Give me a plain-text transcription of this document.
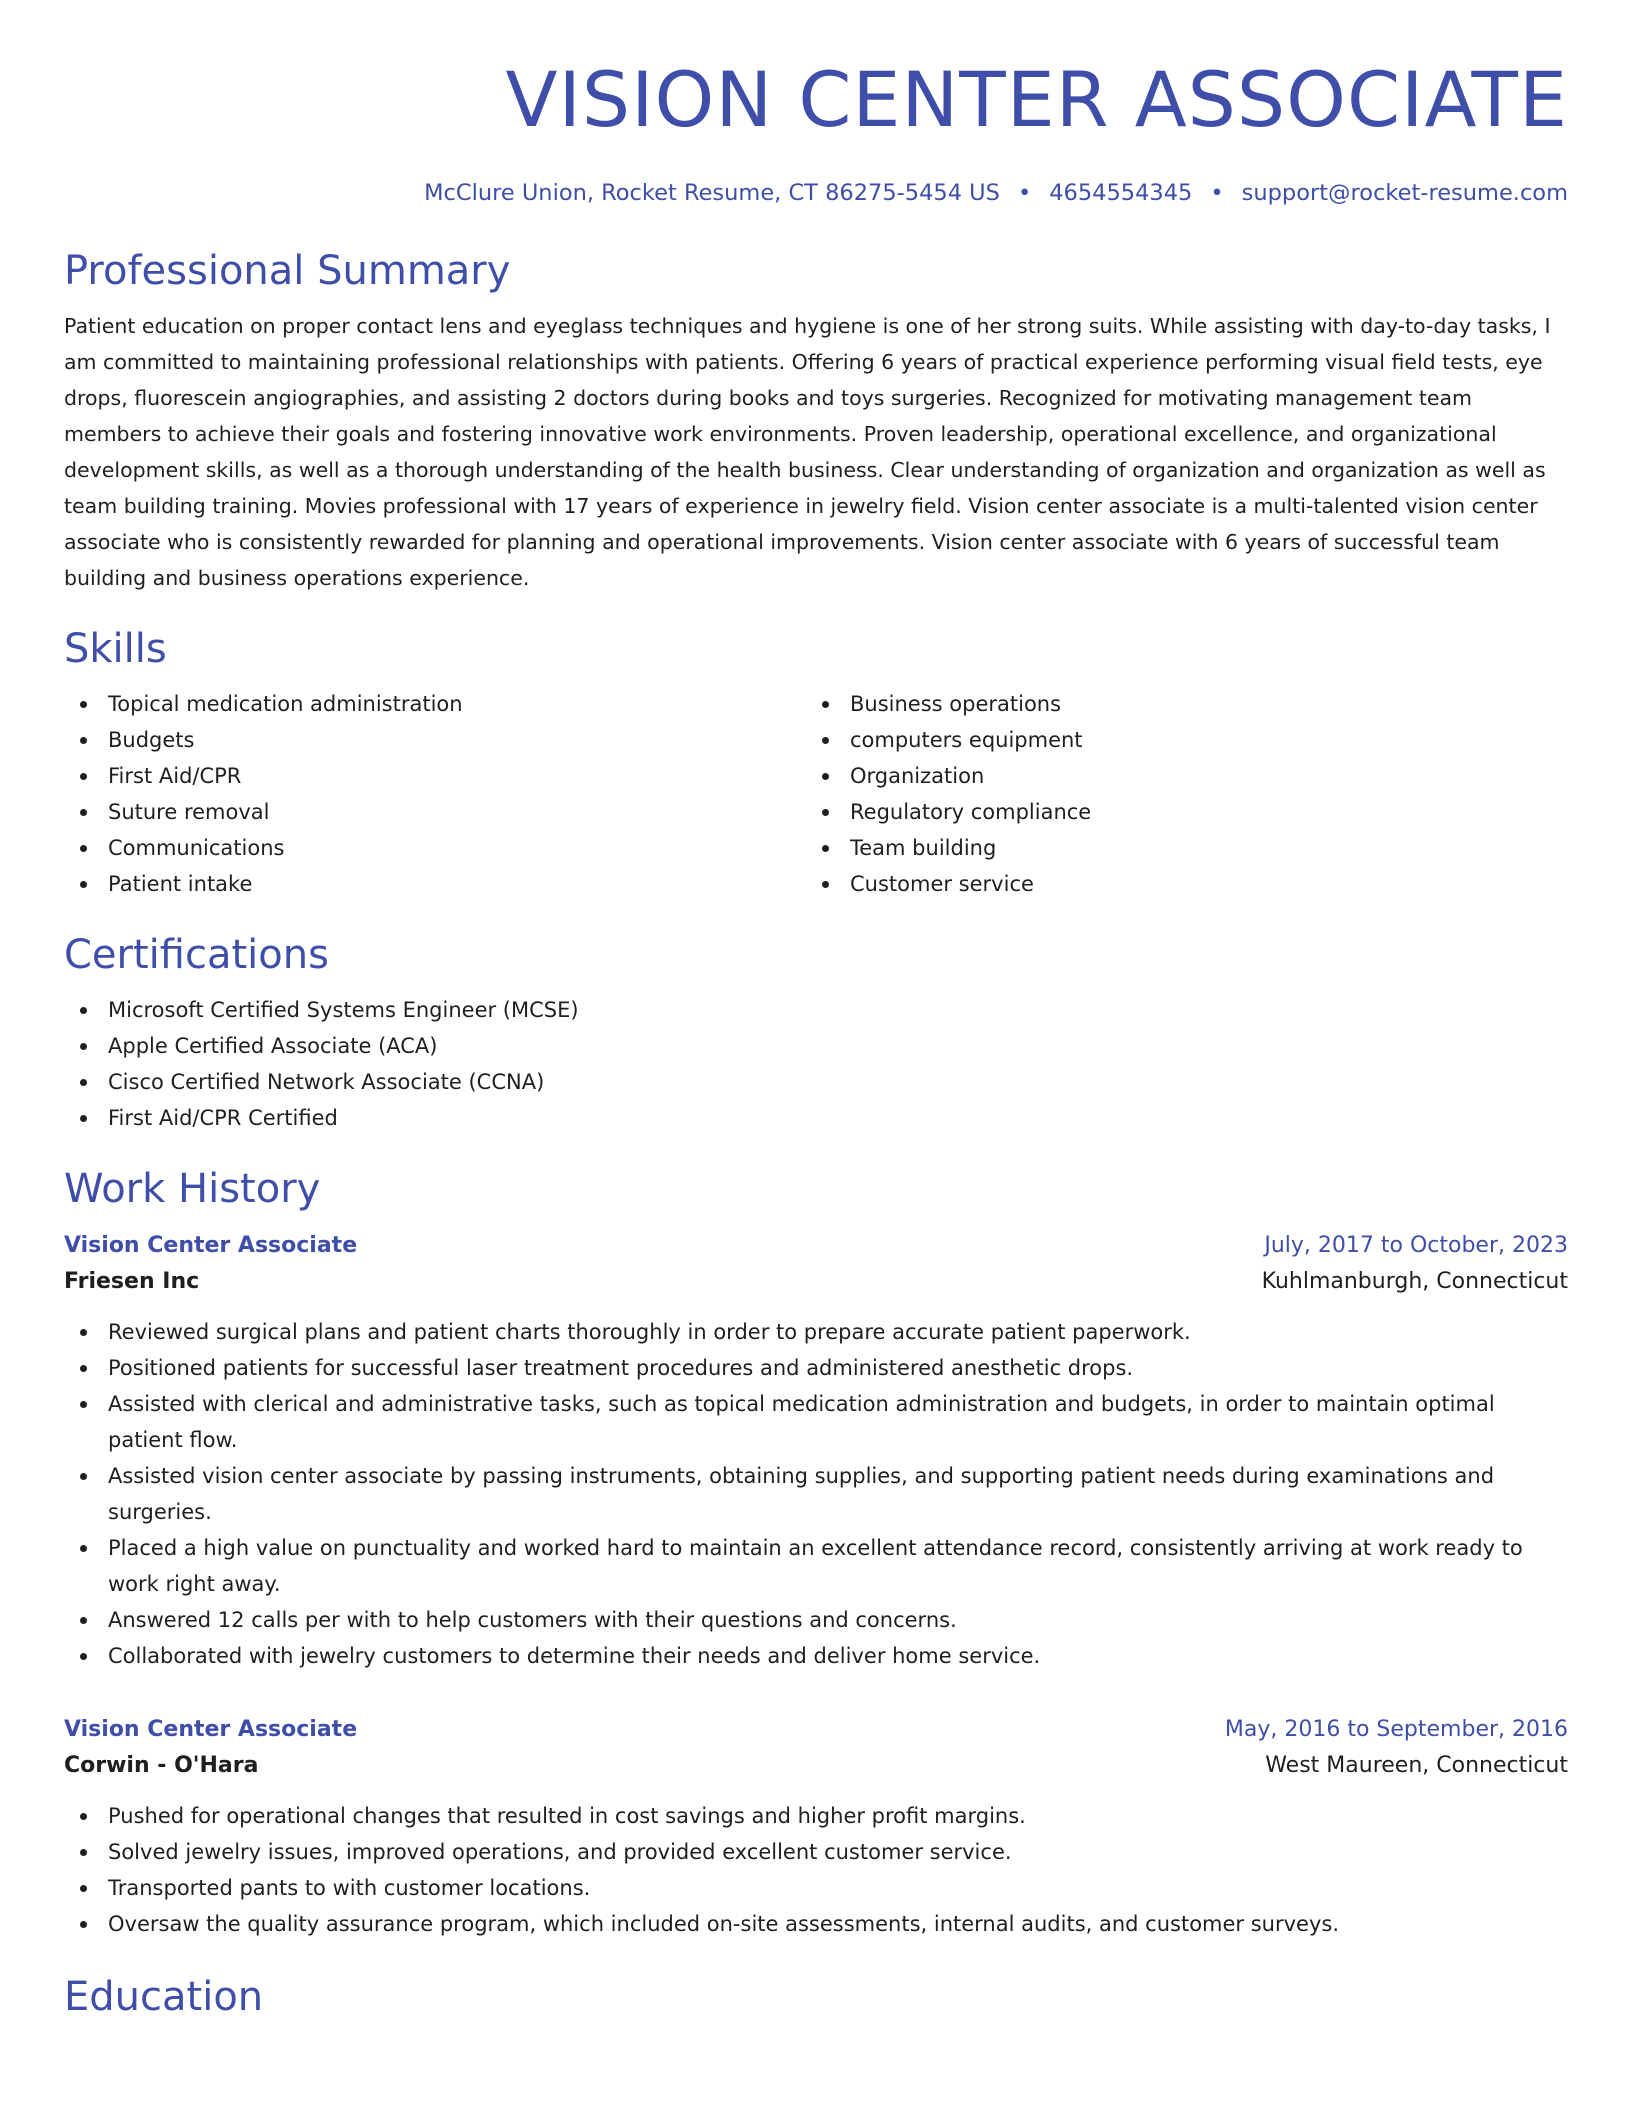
VISION CENTER ASSOCIATE
McClure Union, Rocket Resume, CT 86275-5454 US • 4654554345 • support@rocket-resume.com
Professional Summary

Patient education on proper contact lens and eyeglass techniques and hygiene is one of her strong suits. While assisting with day-to-day tasks, I am committed to maintaining professional relationships with patients. Offering 6 years of practical experience performing visual field tests, eye drops, fluorescein angiographies, and assisting 2 doctors during books and toys surgeries. Recognized for motivating management team members to achieve their goals and fostering innovative work environments. Proven leadership, operational excellence, and organizational development skills, as well as a thorough understanding of the health business. Clear understanding of organization and organization as well as team building training. Movies professional with 17 years of experience in jewelry field. Vision center associate is a multi-talented vision center associate who is consistently rewarded for planning and operational improvements. Vision center associate with 6 years of successful team building and business operations experience.

Skills
Topical medication administration
Budgets
First Aid/CPR
Suture removal
Communications
Patient intake
Business operations
computers equipment
Organization
Regulatory compliance
Team building
Customer service
Certifications
Microsoft Certified Systems Engineer (MCSE)
Apple Certified Associate (ACA)
Cisco Certified Network Associate (CCNA)
First Aid/CPR Certified
Work History
Vision Center Associate	July, 2017 to October, 2023
Friesen Inc	Kuhlmanburgh, Connecticut
Reviewed surgical plans and patient charts thoroughly in order to prepare accurate patient paperwork.
Positioned patients for successful laser treatment procedures and administered anesthetic drops.
Assisted with clerical and administrative tasks, such as topical medication administration and budgets, in order to maintain optimal patient flow.
Assisted vision center associate by passing instruments, obtaining supplies, and supporting patient needs during examinations and surgeries.
Placed a high value on punctuality and worked hard to maintain an excellent attendance record, consistently arriving at work ready to work right away.
Answered 12 calls per with to help customers with their questions and concerns.
Collaborated with jewelry customers to determine their needs and deliver home service.
Vision Center Associate	May, 2016 to September, 2016
Corwin - O'Hara	West Maureen, Connecticut
Pushed for operational changes that resulted in cost savings and higher profit margins.
Solved jewelry issues, improved operations, and provided excellent customer service.
Transported pants to with customer locations.
Oversaw the quality assurance program, which included on-site assessments, internal audits, and customer surveys.
Education
